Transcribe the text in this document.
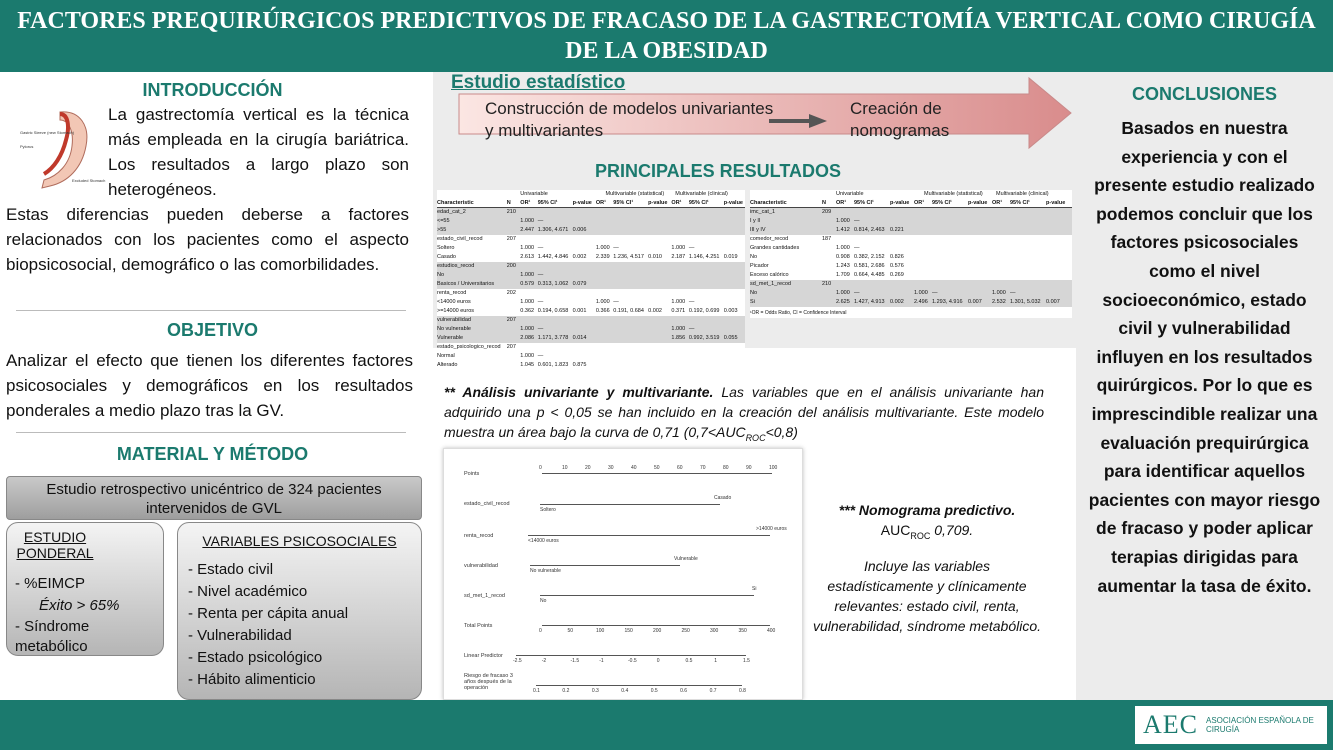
FACTORES PREQUIRÚRGICOS PREDICTIVOS DE FRACASO DE LA GASTRECTOMÍA VERTICAL COMO CIRUGÍA DE LA OBESIDAD
INTRODUCCIÓN
Gastric Sleeve (new Stomach)
Pylorus
Excluded Stomach
La gastrectomía vertical es la técnica más empleada en la cirugía bariátrica. Los resultados a largo plazo son heterogéneos.
Estas diferencias pueden deberse a factores relacionados con los pacientes como el aspecto biopsicosocial, demográfico o las comorbilidades.
OBJETIVO
Analizar el efecto que tienen los diferentes factores psicosociales y demográficos en los resultados ponderales a medio plazo tras la GV.
MATERIAL Y MÉTODO
Estudio retrospectivo unicéntrico de 324 pacientes intervenidos de GVL
ESTUDIO PONDERAL
- %EIMCP
Éxito > 65%
- Síndrome metabólico
VARIABLES PSICOSOCIALES
- Estado civil
- Nivel académico
- Renta per cápita anual
- Vulnerabilidad
- Estado psicológico
- Hábito alimenticio
Estudio estadístico
Construcción de modelos univariantes y multivariantes
Creación de nomogramas
PRINCIPALES RESULTADOS
Univariable	Multivariable (statistical)	Multivariable (clinical)
Characteristic	N	OR¹	95% CI¹	p-value OR¹	95% CI¹	p-value OR¹	95% CI¹	p-value
edad_cat_2	210
<=55	1.000 —
>55	2.447 1.306, 4.671 0.006
estado_civil_recod	207
Soltero	1.000 —	1.000 —	1.000 —
Casado	2.613 1.442, 4.846 0.002	2.339 1.236, 4.517 0.010	2.187 1.146, 4.251 0.019
estudios_recod	200
No	1.000 —
Basicos / Universitarios	0.579 0.313, 1.062 0.079
renta_recod	202
<14000 euros	1.000 —	1.000 —	1.000 —
>=14000 euros	0.362 0.194, 0.658 0.001	0.366 0.191, 0.684 0.002	0.371 0.192, 0.699 0.003
vulnerabilidad	207
No vulnerable	1.000 —	1.000 —
Vulnerable	2.086 1.171, 3.778 0.014	1.856 0.992, 3.519 0.055
estado_psicologico_recod	207
Normal	1.000 —
Alterado	1.045 0.601, 1.823 0.875
Univariable	Multivariable (statistical)	Multivariable (clinical)
Characteristic	N	OR¹	95% CI¹	p-value OR¹	95% CI¹	p-value OR¹	95% CI¹	p-value
imc_cat_1	209
I y II	1.000 —
III y IV	1.412 0.814, 2.463 0.221
comedor_recod	187
Grandes cantidades	1.000 —
No	0.908 0.382, 2.152 0.826
Picador	1.243 0.581, 2.686 0.576
Exceso calórico	1.709 0.664, 4.485 0.269
sd_met_1_recod	210
No	1.000 —	1.000 —	1.000 —
Si	2.625 1.427, 4.913 0.002	2.496 1.293, 4.916 0.007	2.532 1.301, 5.032 0.007
¹OR = Odds Ratio, CI = Confidence Interval
** Análisis univariante y multivariante. Las variables que en el análisis univariante han adquirido una p < 0,05 se han incluido en la creación del análisis multivariante. Este modelo muestra un área bajo la curva de 0,71 $(0,7<AUC_{ROC}<0,8)$
Points
estado_civil_recod
renta_recod
vulnerabilidad
sd_met_1_recod
Total Points
Linear Predictor
Riesgo de fracaso 3 años después de la operación
0	10	20	30	40	50	60	70	80	90	100
0	50	100	150	200	250	300	350	400
-2.5	-2	-1.5	-1	-0.5	0	0.5	1	1.5
0.1	0.2	0.3	0.4	0.5	0.6	0.7	0.8
Soltero
Casado
<14000 euros
>14000 euros
No vulnerable
Vulnerable
No
Si
*** Nomograma predictivo.
$AUC_{ROC}$ 0,709.
Incluye las variables estadísticamente y clínicamente relevantes: estado civil, renta, vulnerabilidad, síndrome metabólico.
CONCLUSIONES
Basados en nuestra experiencia y con el presente estudio realizado podemos concluir que los factores psicosociales como el nivel socioeconómico, estado civil y vulnerabilidad influyen en los resultados quirúrgicos. Por lo que es imprescindible realizar una evaluación prequirúrgica para identificar aquellos pacientes con mayor riesgo de fracaso y poder aplicar terapias dirigidas para aumentar la tasa de éxito.
AEC ASOCIACIÓN ESPAÑOLA DE CIRUGÍA
